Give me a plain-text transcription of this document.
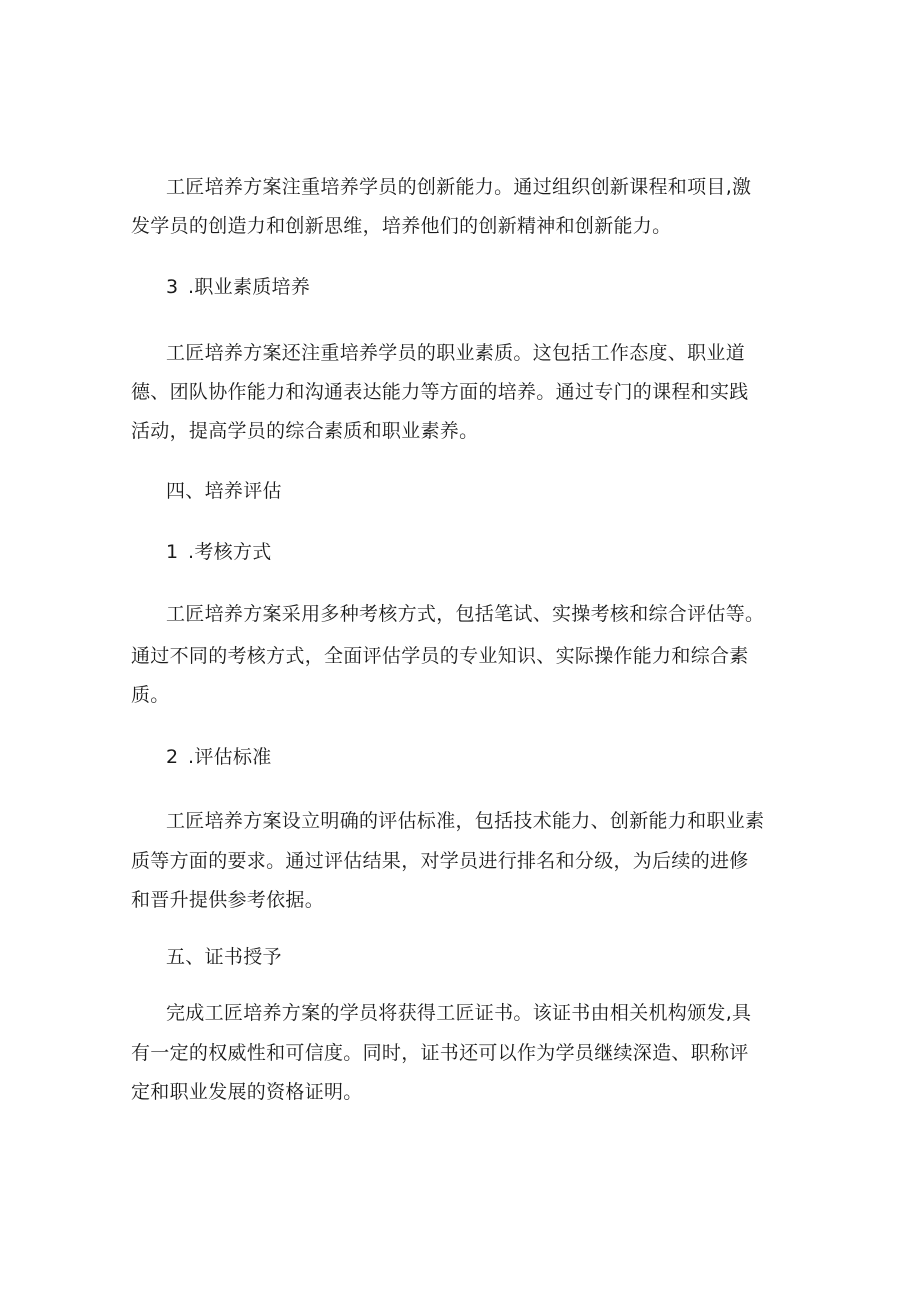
工匠培养方案注重培养学员的创新能力。通过组织创新课程和项目,激

发学员的创造力和创新思维，培养他们的创新精神和创新能力。

3 .职业素质培养

工匠培养方案还注重培养学员的职业素质。这包括工作态度、职业道

德、团队协作能力和沟通表达能力等方面的培养。通过专门的课程和实践

活动，提高学员的综合素质和职业素养。

四、培养评估

1 .考核方式

工匠培养方案采用多种考核方式，包括笔试、实操考核和综合评估等。

通过不同的考核方式，全面评估学员的专业知识、实际操作能力和综合素

质。

2 .评估标准

工匠培养方案设立明确的评估标准，包括技术能力、创新能力和职业素

质等方面的要求。通过评估结果，对学员进行排名和分级，为后续的进修

和晋升提供参考依据。

五、证书授予

完成工匠培养方案的学员将获得工匠证书。该证书由相关机构颁发,具

有一定的权威性和可信度。同时，证书还可以作为学员继续深造、职称评

定和职业发展的资格证明。
